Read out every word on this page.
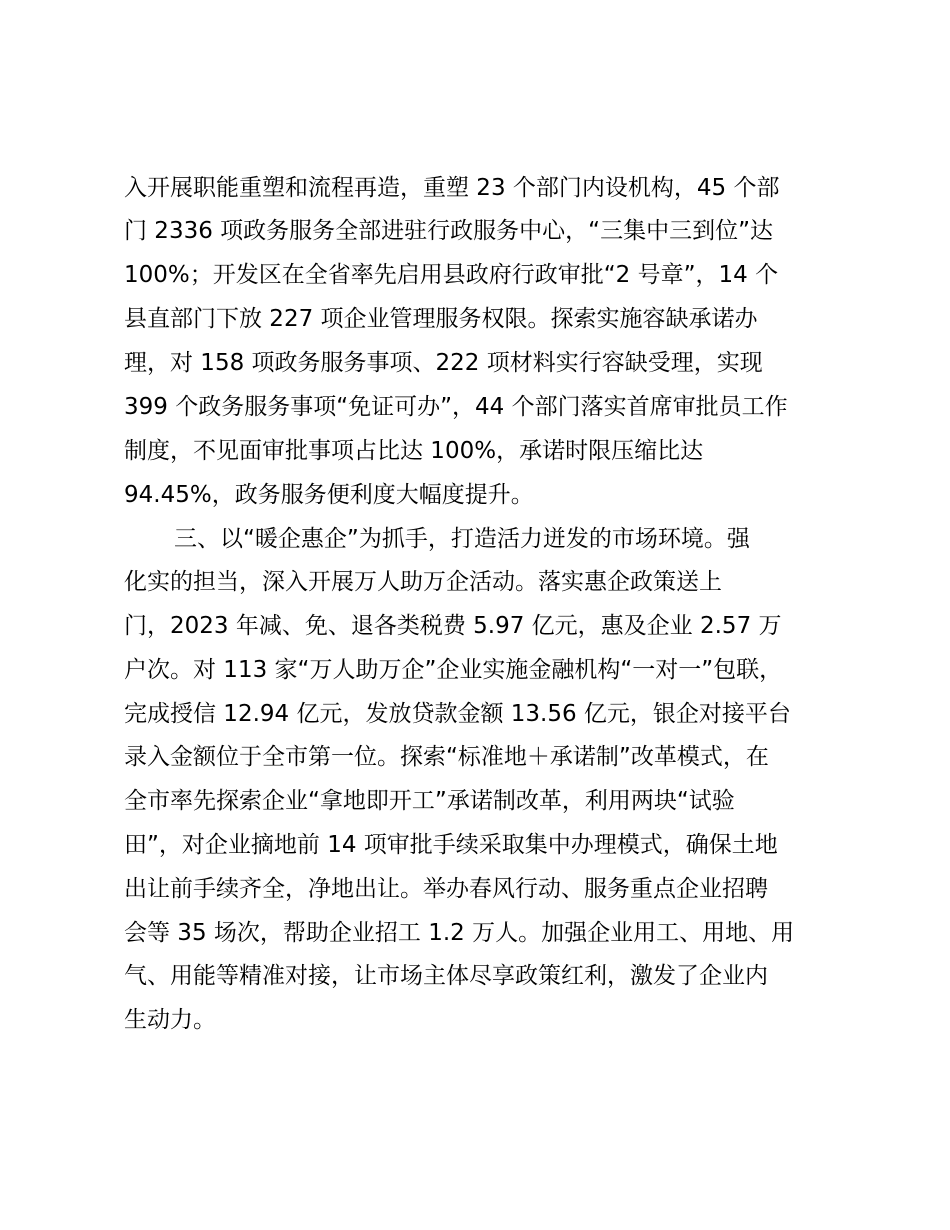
入开展职能重塑和流程再造，重塑 23 个部门内设机构，45 个部
门 2336 项政务服务全部进驻行政服务中心，“三集中三到位”达
100%；开发区在全省率先启用县政府行政审批“2 号章”，14 个
县直部门下放 227 项企业管理服务权限。探索实施容缺承诺办
理，对 158 项政务服务事项、222 项材料实行容缺受理，实现
399 个政务服务事项“免证可办”，44 个部门落实首席审批员工作
制度，不见面审批事项占比达 100%，承诺时限压缩比达
94.45%，政务服务便利度大幅度提升。
三、以“暖企惠企”为抓手，打造活力迸发的市场环境。强
化实的担当，深入开展万人助万企活动。落实惠企政策送上
门，2023 年减、免、退各类税费 5.97 亿元，惠及企业 2.57 万
户次。对 113 家“万人助万企”企业实施金融机构“一对一”包联，
完成授信 12.94 亿元，发放贷款金额 13.56 亿元，银企对接平台
录入金额位于全市第一位。探索“标准地＋承诺制”改革模式，在
全市率先探索企业“拿地即开工”承诺制改革，利用两块“试验
田”，对企业摘地前 14 项审批手续采取集中办理模式，确保土地
出让前手续齐全，净地出让。举办春风行动、服务重点企业招聘
会等 35 场次，帮助企业招工 1.2 万人。加强企业用工、用地、用
气、用能等精准对接，让市场主体尽享政策红利，激发了企业内
生动力。
